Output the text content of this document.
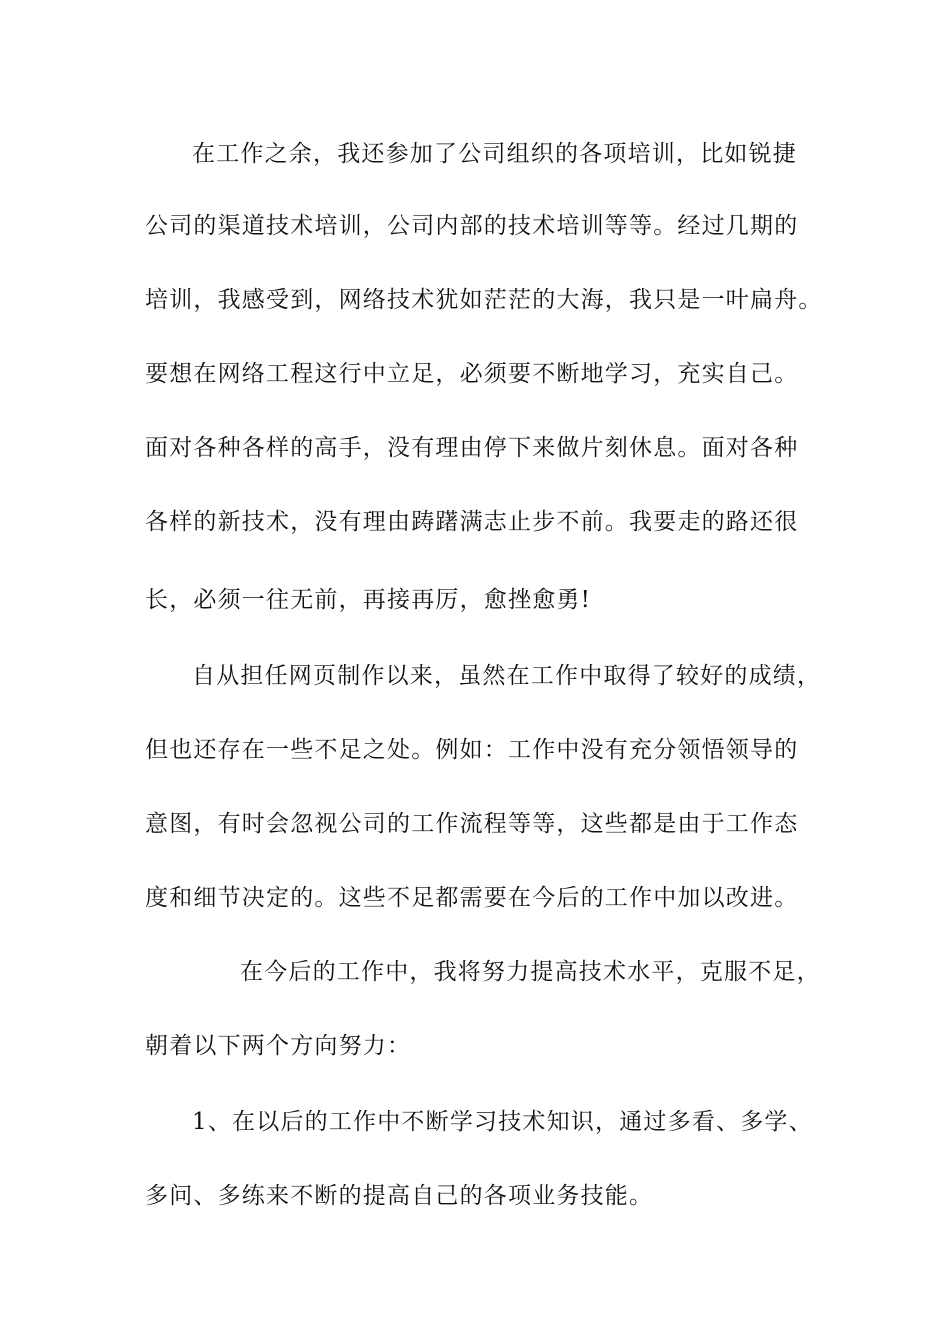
在工作之余，我还参加了公司组织的各项培训，比如锐捷
公司的渠道技术培训，公司内部的技术培训等等。经过几期的
培训，我感受到，网络技术犹如茫茫的大海，我只是一叶扁舟。
要想在网络工程这行中立足，必须要不断地学习，充实自己。
面对各种各样的高手，没有理由停下来做片刻休息。面对各种
各样的新技术，没有理由踌躇满志止步不前。我要走的路还很
长，必须一往无前，再接再厉，愈挫愈勇!
自从担任网页制作以来，虽然在工作中取得了较好的成绩，
但也还存在一些不足之处。例如：工作中没有充分领悟领导的
意图，有时会忽视公司的工作流程等等，这些都是由于工作态
度和细节决定的。这些不足都需要在今后的工作中加以改进。
在今后的工作中，我将努力提高技术水平，克服不足，
朝着以下两个方向努力：
1、在以后的工作中不断学习技术知识，通过多看、多学、
多问、多练来不断的提高自己的各项业务技能。
